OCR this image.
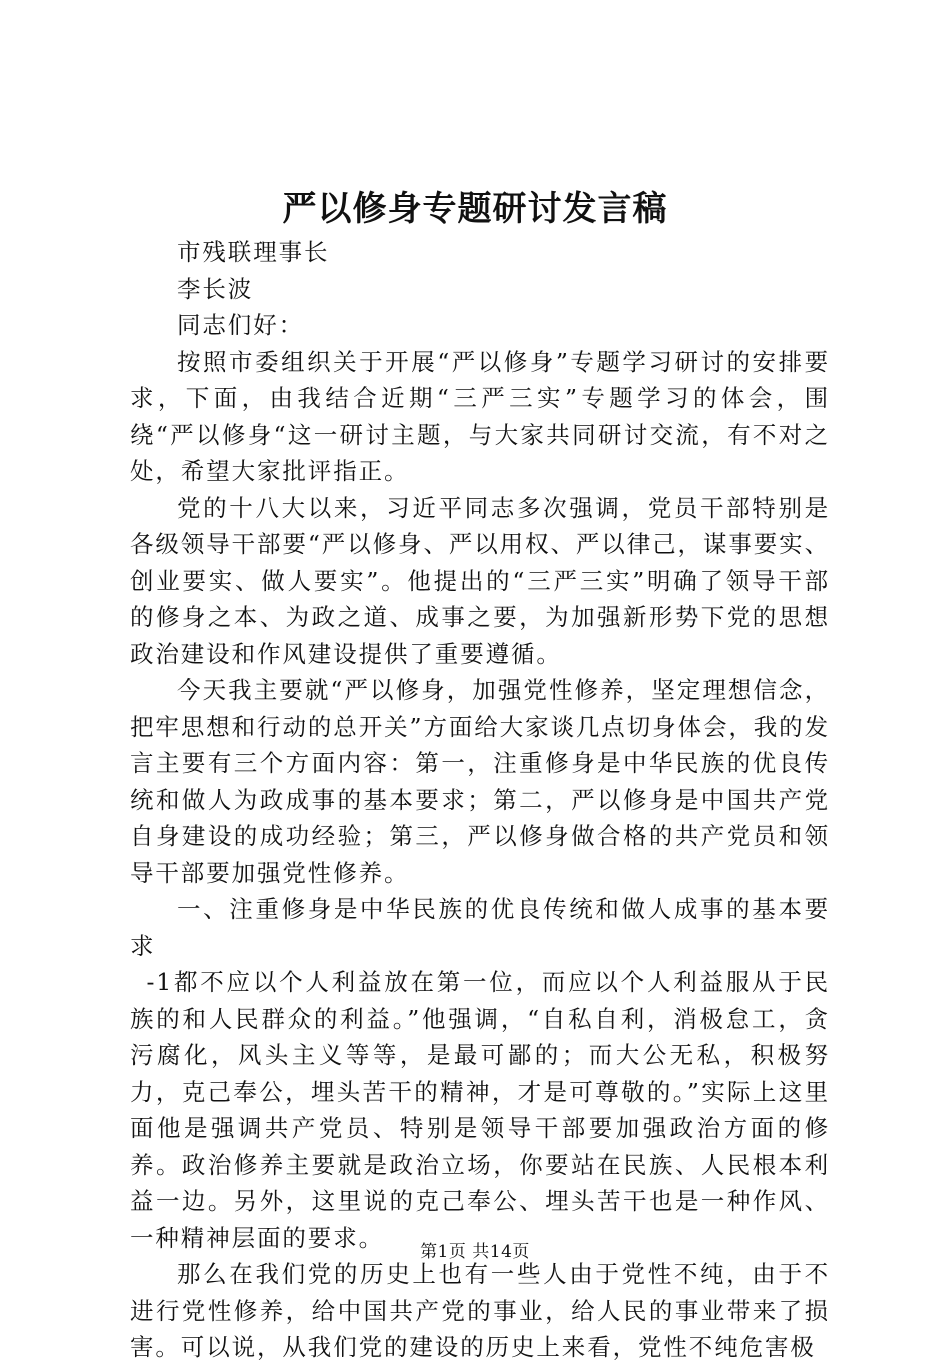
严以修身专题研讨发言稿

市残联理事长

李长波

同志们好：

按照市委组织关于开展“严以修身”专题学习研讨的安排要求，下面，由我结合近期“三严三实”专题学习的体会，围绕“严以修身“这一研讨主题，与大家共同研讨交流，有不对之处，希望大家批评指正。

党的十八大以来，习近平同志多次强调，党员干部特别是各级领导干部要“严以修身、严以用权、严以律己，谋事要实、创业要实、做人要实”。他提出的“三严三实”明确了领导干部的修身之本、为政之道、成事之要，为加强新形势下党的思想政治建设和作风建设提供了重要遵循。

今天我主要就“严以修身，加强党性修养，坚定理想信念，把牢思想和行动的总开关”方面给大家谈几点切身体会，我的发言主要有三个方面内容：第一，注重修身是中华民族的优良传统和做人为政成事的基本要求；第二，严以修身是中国共产党自身建设的成功经验；第三，严以修身做合格的共产党员和领导干部要加强党性修养。

一、注重修身是中华民族的优良传统和做人成事的基本要求

-1都不应以个人利益放在第一位，而应以个人利益服从于民族的和人民群众的利益。”他强调，“自私自利，消极怠工，贪污腐化，风头主义等等，是最可鄙的；而大公无私，积极努力，克己奉公，埋头苦干的精神，才是可尊敬的。”实际上这里面他是强调共产党员、特别是领导干部要加强政治方面的修养。政治修养主要就是政治立场，你要站在民族、人民根本利益一边。另外，这里说的克己奉公、埋头苦干也是一种作风、一种精神层面的要求。

那么在我们党的历史上也有一些人由于党性不纯，由于不进行党性修养，给中国共产党的事业，给人民的事业带来了损害。可以说，从我们党的建设的历史上来看，党性不纯危害极

第1页 共14页
